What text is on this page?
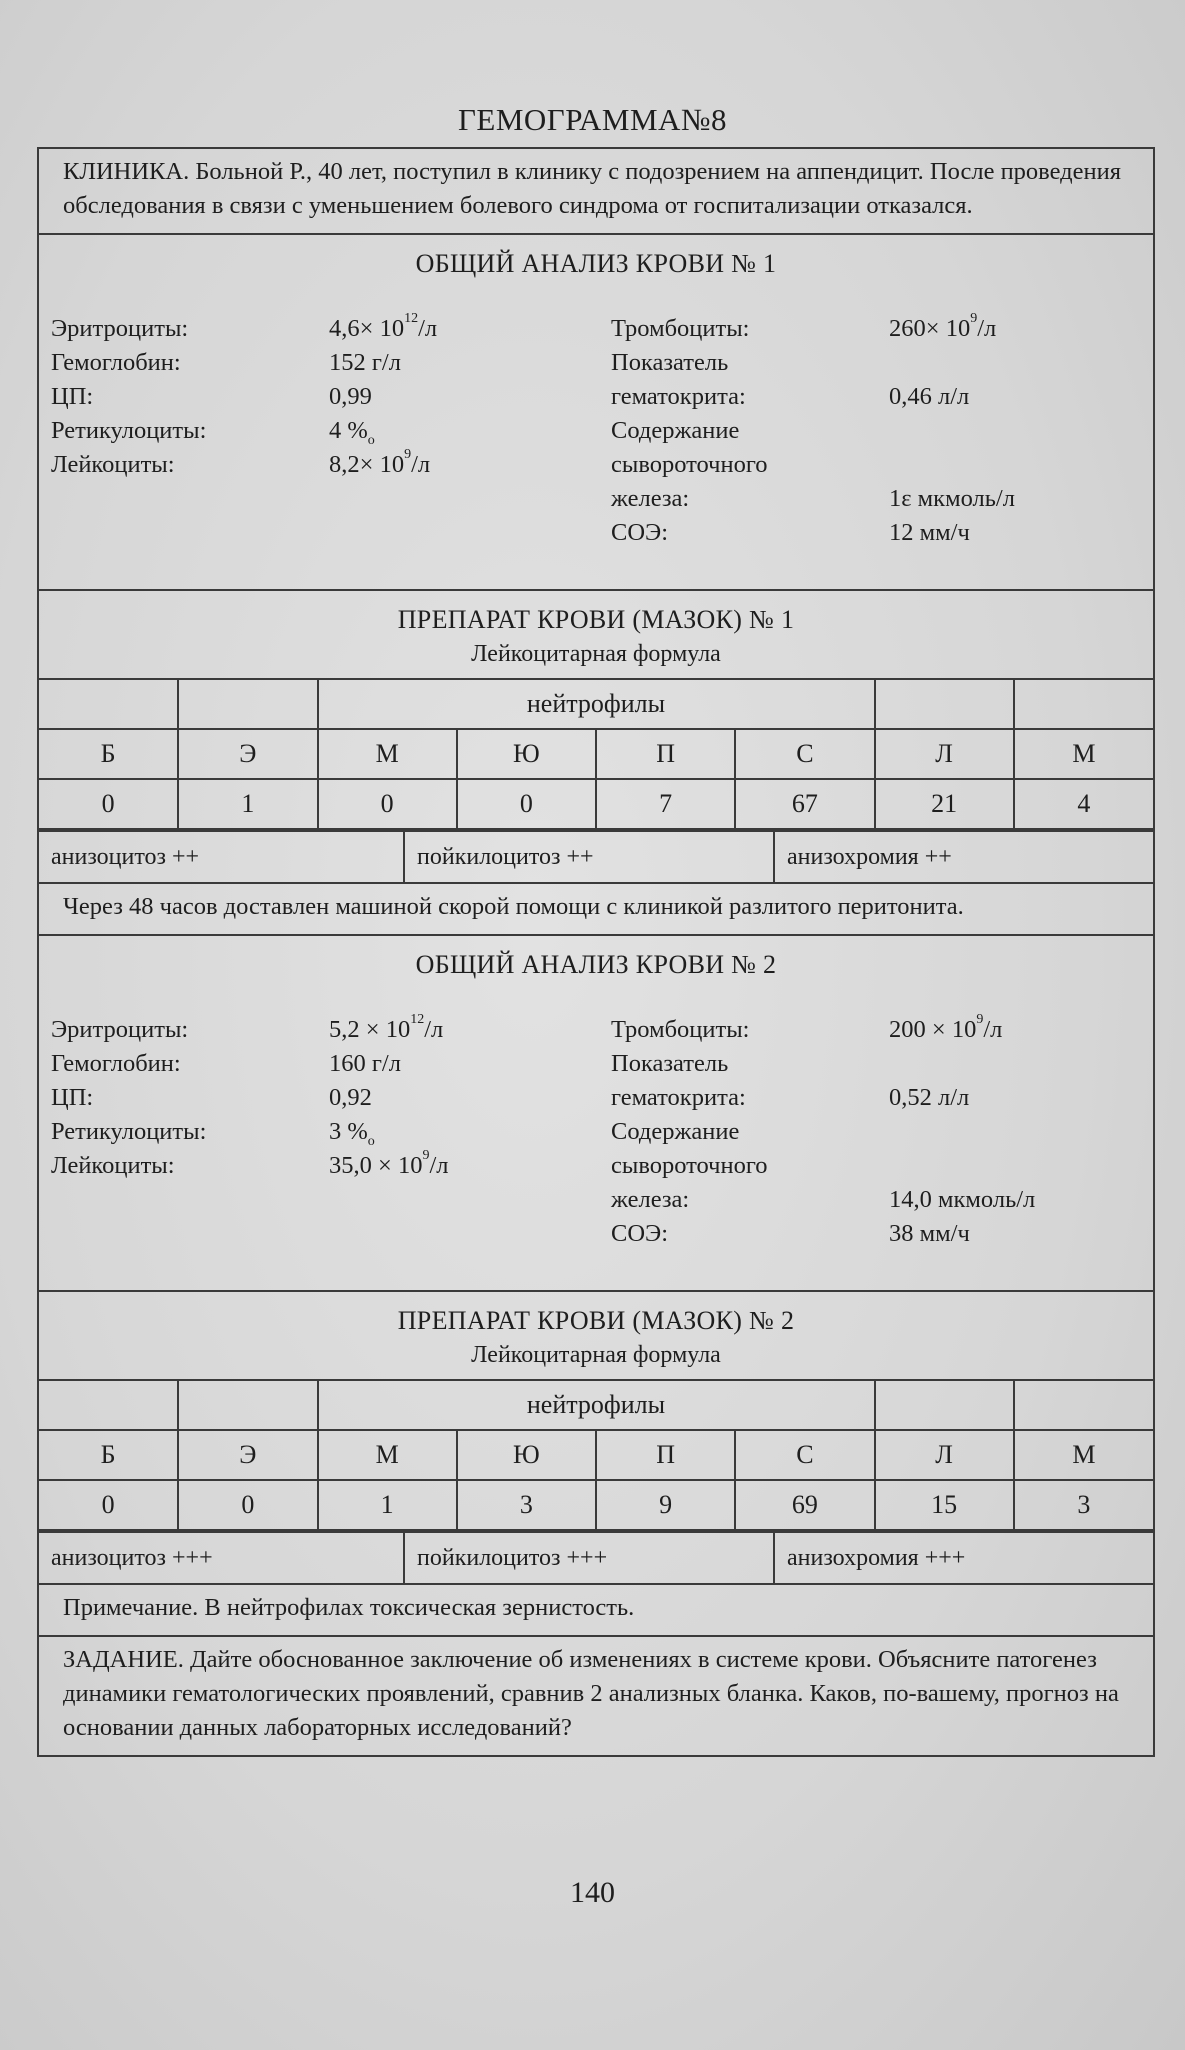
ГЕМОГРАММА№8
КЛИНИКА. Больной Р., 40 лет, поступил в клинику с подозрением на аппендицит. После проведения обследования в связи с уменьшением болевого синдрома от госпитализации отказался.
ОБЩИЙ АНАЛИЗ КРОВИ № 1
Эритроциты:	$4,6\times 10^{12}/л$
Гемоглобин:	152 г/л
ЦП:	0,99
Ретикулоциты:	4 $\%_о$
Лейкоциты:	$8,2\times 10^9/л$
Тромбоциты:	$260\times 10^9/л$
Показатель
гематокрита:	0,46 л/л
Содержание
сывороточного
железа:	1ε мкмоль/л
СОЭ:	12 мм/ч
ПРЕПАРАТ КРОВИ (МАЗОК) № 1
Лейкоцитарная формула
		нейтрофилы					
Б	Э	М	Ю	П	С	Л	М
0	1	0	0	7	67	21	4
анизоцитоз ++	пойкилоцитоз ++	анизохромия ++
Через 48 часов доставлен машиной скорой помощи с клиникой разлитого перитонита.
ОБЩИЙ АНАЛИЗ КРОВИ № 2
Эритроциты:	$5,2 \times 10^{12}/л$
Гемоглобин:	160 г/л
ЦП:	0,92
Ретикулоциты:	3 $\%_о$
Лейкоциты:	$35,0 \times 10^9/л$
Тромбоциты:	$200 \times 10^9/л$
Показатель
гематокрита:	0,52 л/л
Содержание
сывороточного
железа:	14,0 мкмоль/л
СОЭ:	38 мм/ч
ПРЕПАРАТ КРОВИ (МАЗОК) № 2
Лейкоцитарная формула
		нейтрофилы					
Б	Э	М	Ю	П	С	Л	М
0	0	1	3	9	69	15	3
анизоцитоз +++	пойкилоцитоз +++	анизохромия +++
Примечание. В нейтрофилах токсическая зернистость.
ЗАДАНИЕ. Дайте обоснованное заключение об изменениях в системе крови. Объясните патогенез динамики гематологических проявлений, сравнив 2 анализных бланка. Каков, по-вашему, прогноз на основании данных лабораторных исследований?
140
